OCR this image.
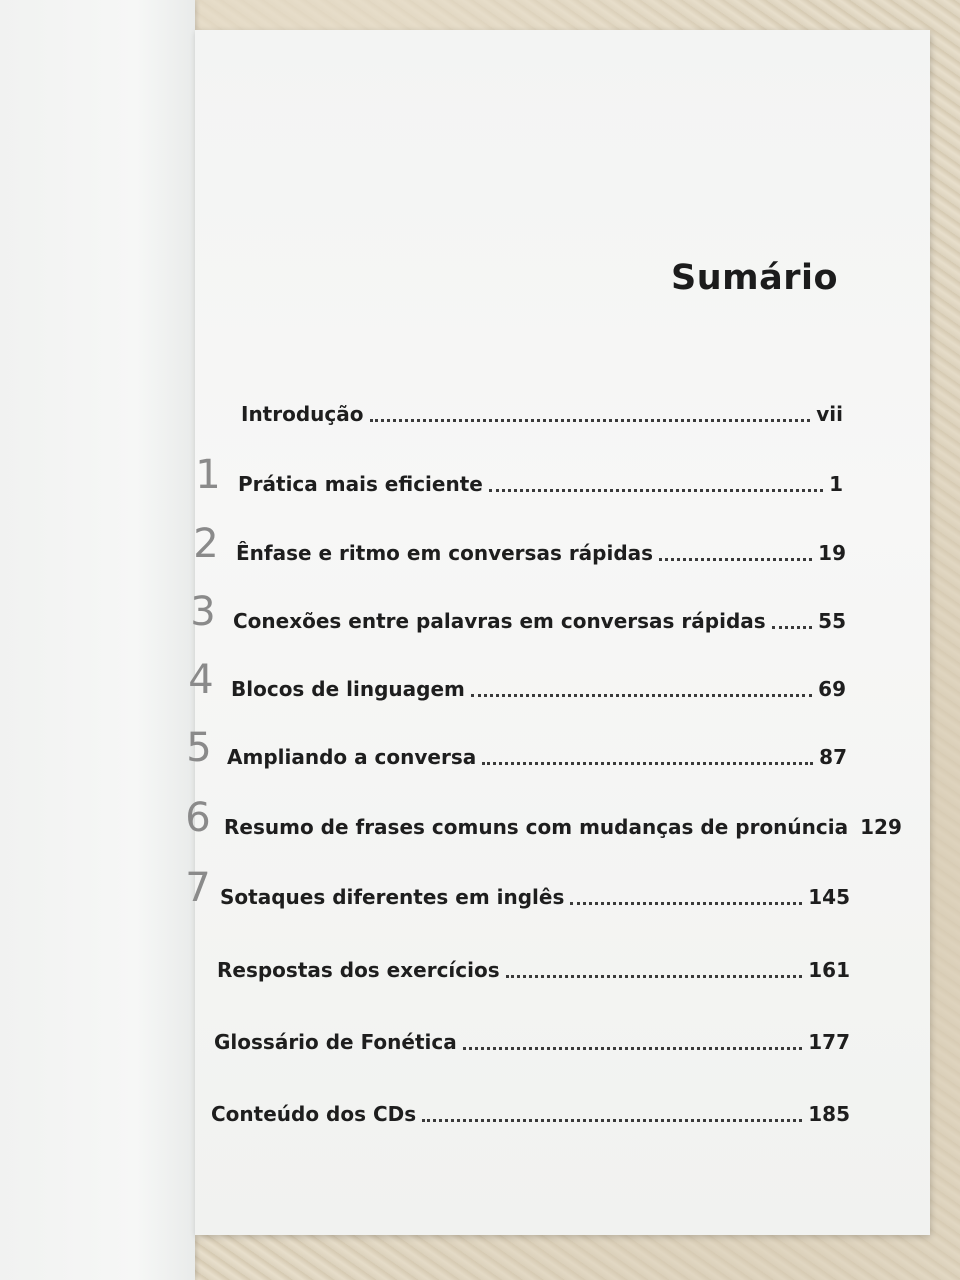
Sumário
Introdução	vii
1 Prática mais eficiente	1
2 Ênfase e ritmo em conversas rápidas	19
3 Conexões entre palavras em conversas rápidas	55
4 Blocos de linguagem	69
5 Ampliando a conversa	87
6 Resumo de frases comuns com mudanças de pronúncia 129
7 Sotaques diferentes em inglês	145
Respostas dos exercícios	161
Glossário de Fonética	177
Conteúdo dos CDs	185
